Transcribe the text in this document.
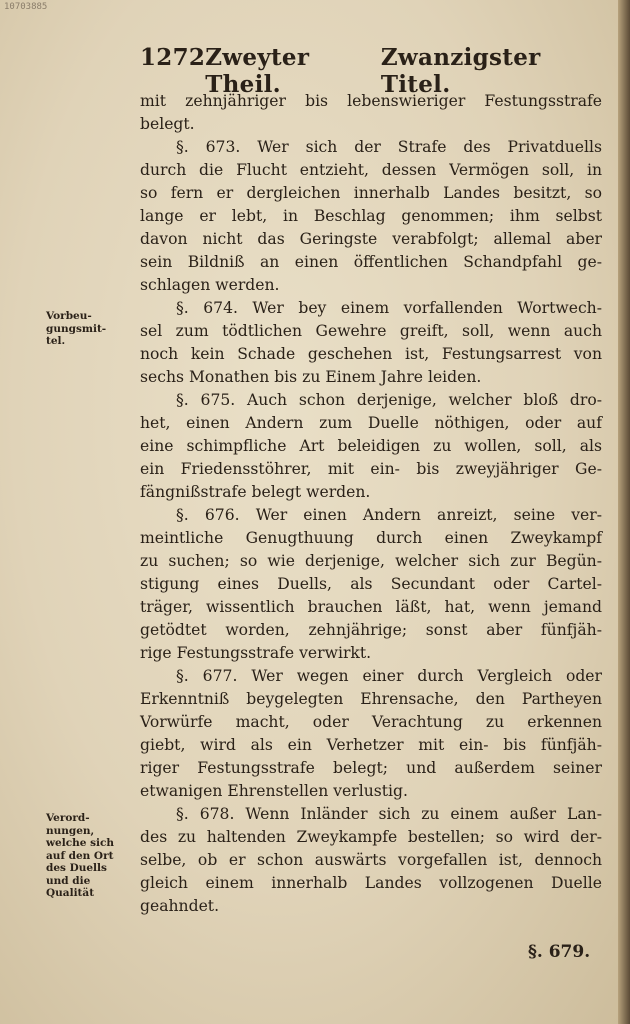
10703885
1272 Zweyter Theil.
Zwanzigster Titel.
Vorbeu-
gungsmit-
tel.
Verord-
nungen,
welche sich
auf den Ort
des Duells
und die
Qualität
mit zehnjähriger bis lebenswieriger Festungsstrafe
belegt.
§. 673. Wer sich der Strafe des Privatduells
durch die Flucht entzieht, dessen Vermögen soll, in
so fern er dergleichen innerhalb Landes besitzt, so
lange er lebt, in Beschlag genommen; ihm selbst
davon nicht das Geringste verabfolgt; allemal aber
sein Bildniß an einen öffentlichen Schandpfahl ge-
schlagen werden.
§. 674. Wer bey einem vorfallenden Wortwech-
sel zum tödtlichen Gewehre greift, soll, wenn auch
noch kein Schade geschehen ist, Festungsarrest von
sechs Monathen bis zu Einem Jahre leiden.
§. 675. Auch schon derjenige, welcher bloß dro-
het, einen Andern zum Duelle nöthigen, oder auf
eine schimpfliche Art beleidigen zu wollen, soll, als
ein Friedensstöhrer, mit ein- bis zweyjähriger Ge-
fängnißstrafe belegt werden.
§. 676. Wer einen Andern anreizt, seine ver-
meintliche Genugthuung durch einen Zweykampf
zu suchen; so wie derjenige, welcher sich zur Begün-
stigung eines Duells, als Secundant oder Cartel-
träger, wissentlich brauchen läßt, hat, wenn jemand
getödtet worden, zehnjährige; sonst aber fünfjäh-
rige Festungsstrafe verwirkt.
§. 677. Wer wegen einer durch Vergleich oder
Erkenntniß beygelegten Ehrensache, den Partheyen
Vorwürfe macht, oder Verachtung zu erkennen
giebt, wird als ein Verhetzer mit ein- bis fünfjäh-
riger Festungsstrafe belegt; und außerdem seiner
etwanigen Ehrenstellen verlustig.
§. 678. Wenn Inländer sich zu einem außer Lan-
des zu haltenden Zweykampfe bestellen; so wird der-
selbe, ob er schon auswärts vorgefallen ist, dennoch
gleich einem innerhalb Landes vollzogenen Duelle
geahndet.
§. 679.
